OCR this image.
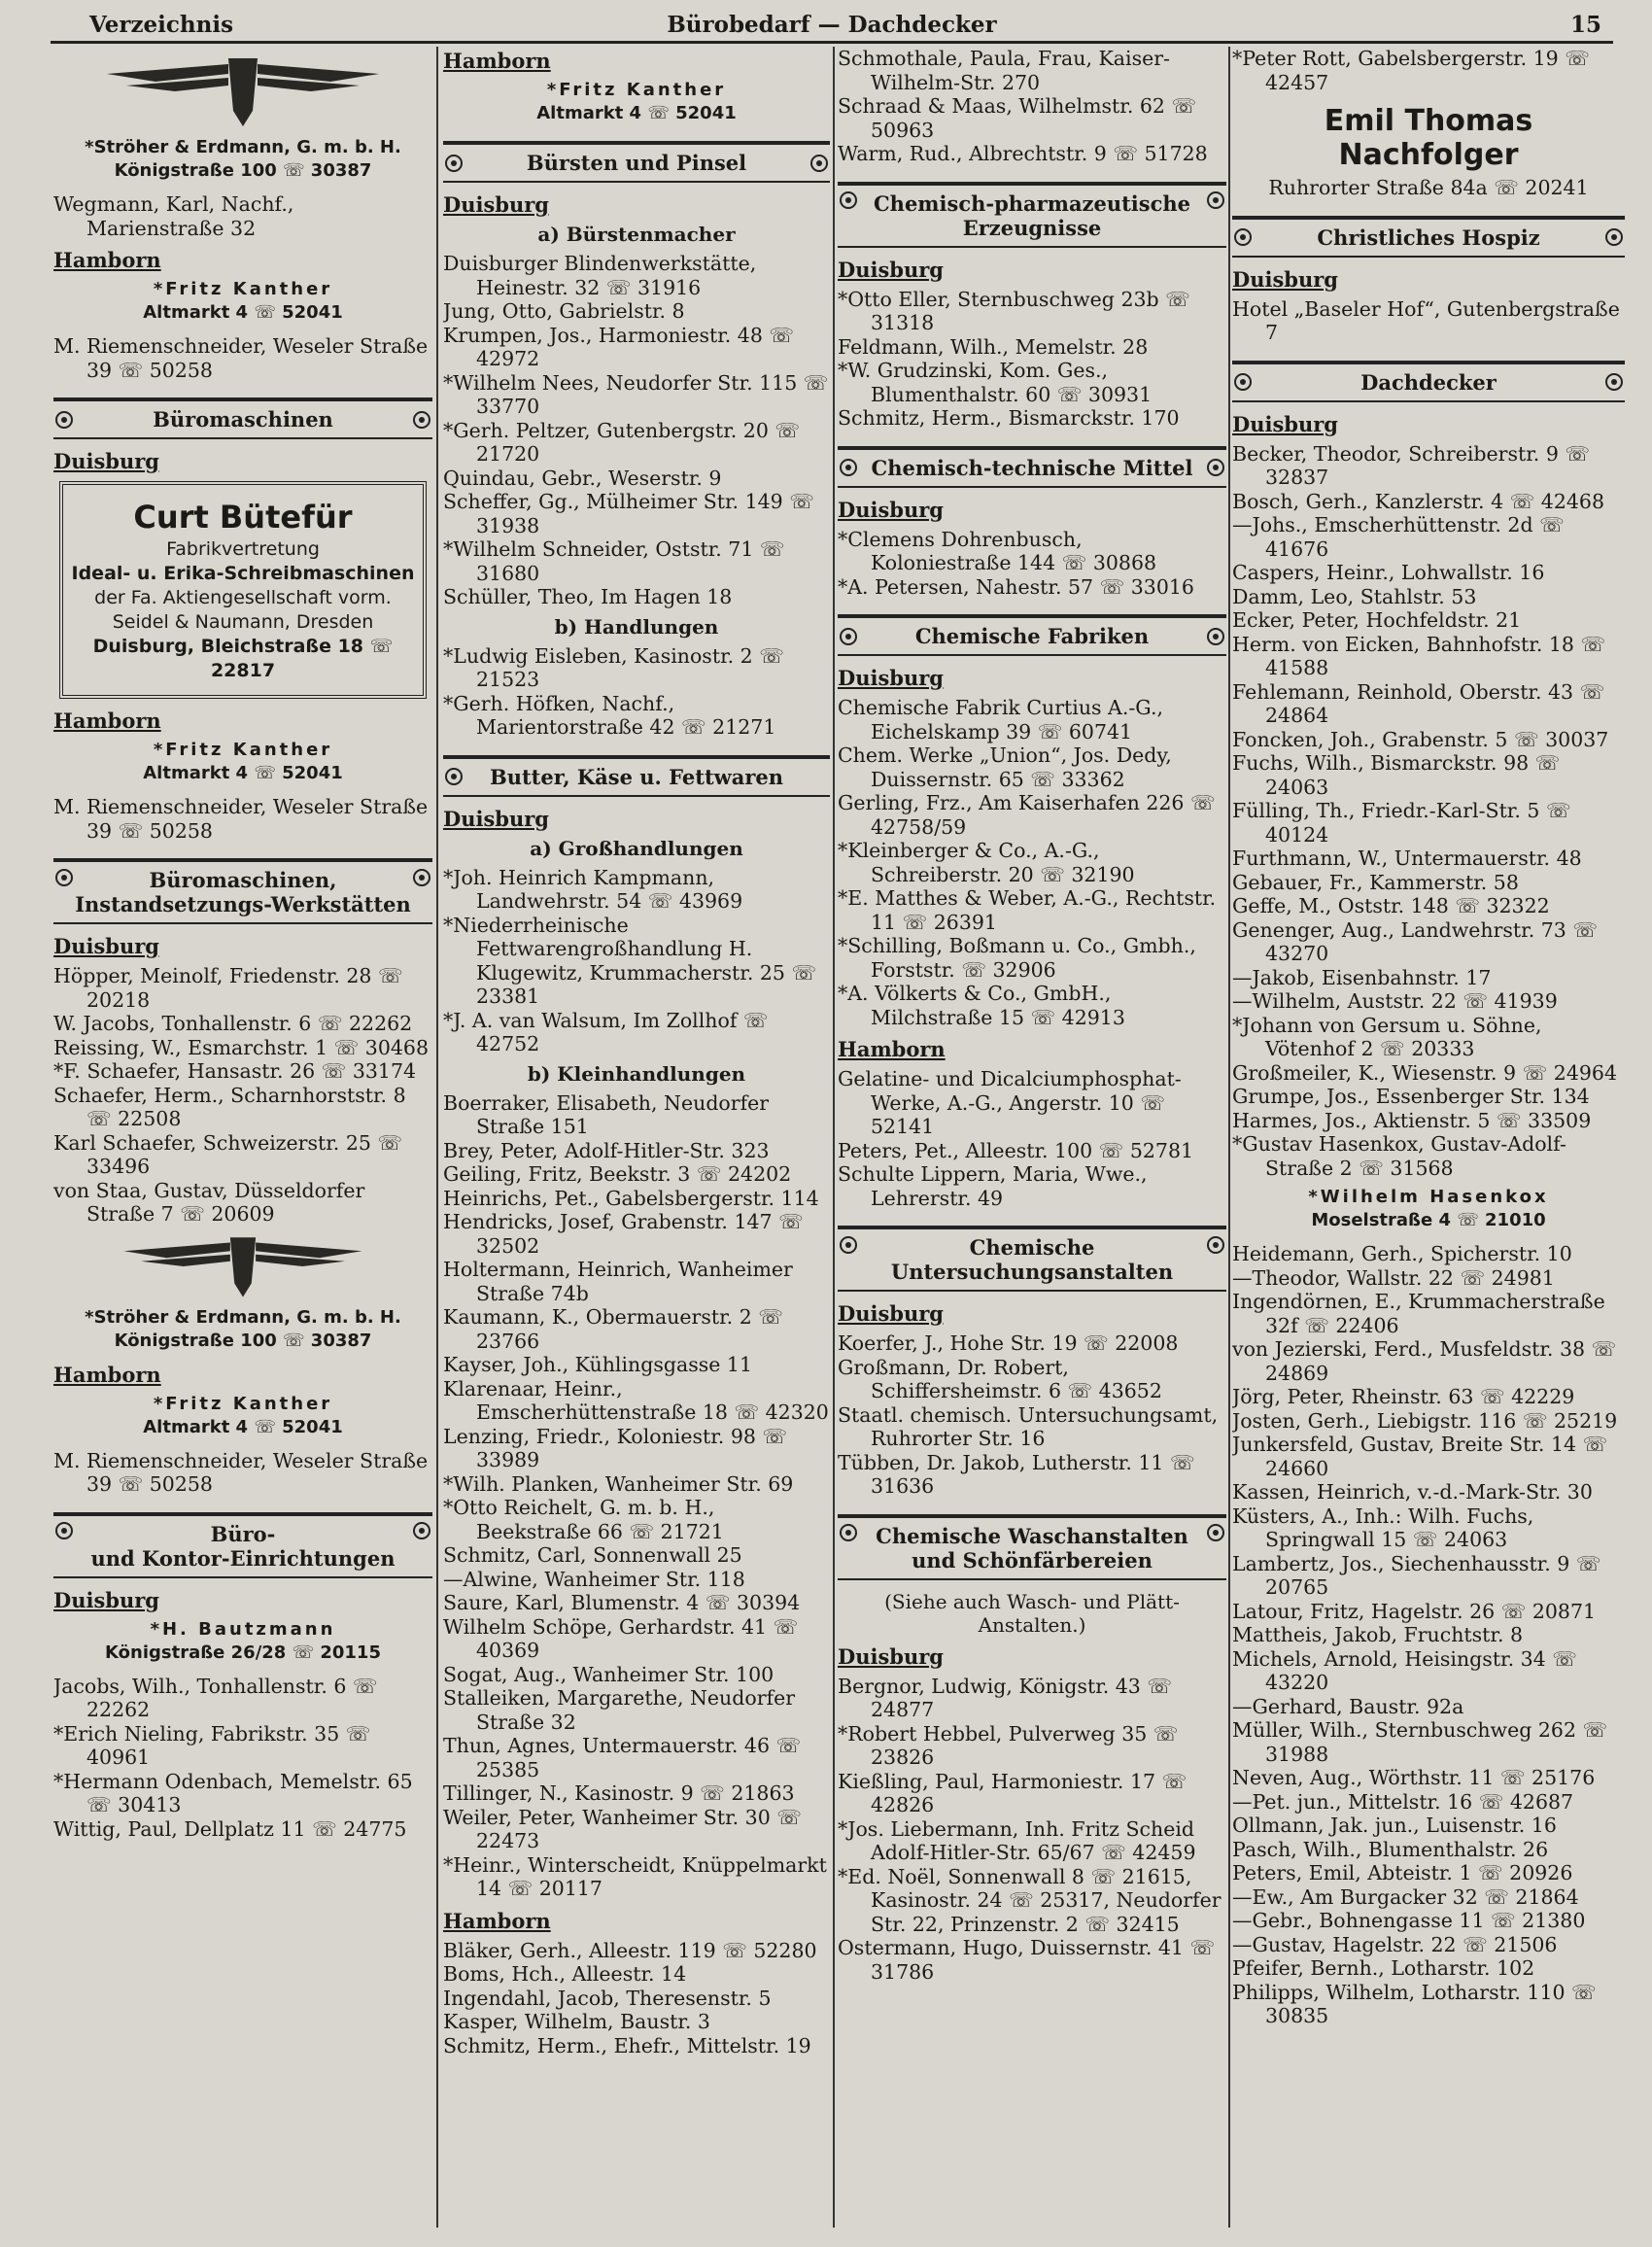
Verzeichnis	Bürobedarf — Dachdecker	15
*Ströher & Erdmann, G. m. b. H.
Königstraße 100 ☏ 30387

Wegmann, Karl, Nachf., Marienstraße 32

Hamborn
*Fritz Kanther
Altmarkt 4 ☏ 52041

M. Riemenschneider, Weseler Straße 39 ☏ 50258

Büromaschinen
Duisburg
Curt Bütefür
Fabrikvertretung
Ideal- u. Erika-Schreibmaschinen
der Fa. Aktiengesellschaft vorm.
Seidel & Naumann, Dresden
Duisburg, Bleichstraße 18 ☏ 22817
Hamborn
*Fritz Kanther
Altmarkt 4 ☏ 52041

M. Riemenschneider, Weseler Straße 39 ☏ 50258

Büromaschinen,
Instandsetzungs-Werkstätten
Duisburg

Höpper, Meinolf, Friedenstr. 28 ☏ 20218

W. Jacobs, Tonhallenstr. 6 ☏ 22262

Reissing, W., Esmarchstr. 1 ☏ 30468

*F. Schaefer, Hansastr. 26 ☏ 33174

Schaefer, Herm., Scharnhorststr. 8 ☏ 22508

Karl Schaefer, Schweizerstr. 25 ☏ 33496

von Staa, Gustav, Düsseldorfer Straße 7 ☏ 20609

*Ströher & Erdmann, G. m. b. H.
Königstraße 100 ☏ 30387
Hamborn
*Fritz Kanther
Altmarkt 4 ☏ 52041

M. Riemenschneider, Weseler Straße 39 ☏ 50258

Büro-
und Kontor-Einrichtungen
Duisburg
*H. Bautzmann
Königstraße 26/28 ☏ 20115

Jacobs, Wilh., Tonhallenstr. 6 ☏ 22262

*Erich Nieling, Fabrikstr. 35 ☏ 40961

*Hermann Odenbach, Memelstr. 65 ☏ 30413

Wittig, Paul, Dellplatz 11 ☏ 24775

Hamborn
*Fritz Kanther
Altmarkt 4 ☏ 52041
Bürsten und Pinsel
Duisburg
a) Bürstenmacher

Duisburger Blindenwerkstätte, Heinestr. 32 ☏ 31916

Jung, Otto, Gabrielstr. 8

Krumpen, Jos., Harmoniestr. 48 ☏ 42972

*Wilhelm Nees, Neudorfer Str. 115 ☏ 33770

*Gerh. Peltzer, Gutenbergstr. 20 ☏ 21720

Quindau, Gebr., Weserstr. 9

Scheffer, Gg., Mülheimer Str. 149 ☏ 31938

*Wilhelm Schneider, Oststr. 71 ☏ 31680

Schüller, Theo, Im Hagen 18

b) Handlungen

*Ludwig Eisleben, Kasinostr. 2 ☏ 21523

*Gerh. Höfken, Nachf., Marientorstraße 42 ☏ 21271

Butter, Käse u. Fettwaren
Duisburg
a) Großhandlungen

*Joh. Heinrich Kampmann, Landwehrstr. 54 ☏ 43969

*Niederrheinische Fettwarengroßhandlung H. Klugewitz, Krummacherstr. 25 ☏ 23381

*J. A. van Walsum, Im Zollhof ☏ 42752

b) Kleinhandlungen

Boerraker, Elisabeth, Neudorfer Straße 151

Brey, Peter, Adolf-Hitler-Str. 323

Geiling, Fritz, Beekstr. 3 ☏ 24202

Heinrichs, Pet., Gabelsbergerstr. 114

Hendricks, Josef, Grabenstr. 147 ☏ 32502

Holtermann, Heinrich, Wanheimer Straße 74b

Kaumann, K., Obermauerstr. 2 ☏ 23766

Kayser, Joh., Kühlingsgasse 11

Klarenaar, Heinr., Emscherhüttenstraße 18 ☏ 42320

Lenzing, Friedr., Koloniestr. 98 ☏ 33989

*Wilh. Planken, Wanheimer Str. 69

*Otto Reichelt, G. m. b. H., Beekstraße 66 ☏ 21721

Schmitz, Carl, Sonnenwall 25

—Alwine, Wanheimer Str. 118

Saure, Karl, Blumenstr. 4 ☏ 30394

Wilhelm Schöpe, Gerhardstr. 41 ☏ 40369

Sogat, Aug., Wanheimer Str. 100

Stalleiken, Margarethe, Neudorfer Straße 32

Thun, Agnes, Untermauerstr. 46 ☏ 25385

Tillinger, N., Kasinostr. 9 ☏ 21863

Weiler, Peter, Wanheimer Str. 30 ☏ 22473

*Heinr., Winterscheidt, Knüppelmarkt 14 ☏ 20117

Hamborn

Bläker, Gerh., Alleestr. 119 ☏ 52280

Boms, Hch., Alleestr. 14

Ingendahl, Jacob, Theresenstr. 5

Kasper, Wilhelm, Baustr. 3

Schmitz, Herm., Ehefr., Mittelstr. 19

Schmothale, Paula, Frau, Kaiser-Wilhelm-Str. 270

Schraad & Maas, Wilhelmstr. 62 ☏ 50963

Warm, Rud., Albrechtstr. 9 ☏ 51728

Chemisch-pharmazeutische
Erzeugnisse
Duisburg

*Otto Eller, Sternbuschweg 23b ☏ 31318

Feldmann, Wilh., Memelstr. 28

*W. Grudzinski, Kom. Ges., Blumenthalstr. 60 ☏ 30931

Schmitz, Herm., Bismarckstr. 170

Chemisch-technische Mittel
Duisburg

*Clemens Dohrenbusch, Koloniestraße 144 ☏ 30868

*A. Petersen, Nahestr. 57 ☏ 33016

Chemische Fabriken
Duisburg

Chemische Fabrik Curtius A.-G., Eichelskamp 39 ☏ 60741

Chem. Werke „Union“, Jos. Dedy, Duissernstr. 65 ☏ 33362

Gerling, Frz., Am Kaiserhafen 226 ☏ 42758/59

*Kleinberger & Co., A.-G., Schreiberstr. 20 ☏ 32190

*E. Matthes & Weber, A.-G., Rechtstr. 11 ☏ 26391

*Schilling, Boßmann u. Co., Gmbh., Forststr. ☏ 32906

*A. Völkerts & Co., GmbH., Milchstraße 15 ☏ 42913

Hamborn

Gelatine- und Dicalciumphosphat-Werke, A.-G., Angerstr. 10 ☏ 52141

Peters, Pet., Alleestr. 100 ☏ 52781

Schulte Lippern, Maria, Wwe., Lehrerstr. 49

Chemische
Untersuchungsanstalten
Duisburg

Koerfer, J., Hohe Str. 19 ☏ 22008

Großmann, Dr. Robert, Schiffersheimstr. 6 ☏ 43652

Staatl. chemisch. Untersuchungsamt, Ruhrorter Str. 16

Tübben, Dr. Jakob, Lutherstr. 11 ☏ 31636

Chemische Waschanstalten
und Schönfärbereien
(Siehe auch Wasch- und Plätt-Anstalten.)
Duisburg

Bergnor, Ludwig, Königstr. 43 ☏ 24877

*Robert Hebbel, Pulverweg 35 ☏ 23826

Kießling, Paul, Harmoniestr. 17 ☏ 42826

*Jos. Liebermann, Inh. Fritz Scheid Adolf-Hitler-Str. 65/67 ☏ 42459

*Ed. Noël, Sonnenwall 8 ☏ 21615, Kasinostr. 24 ☏ 25317, Neudorfer Str. 22, Prinzenstr. 2 ☏ 32415

Ostermann, Hugo, Duissernstr. 41 ☏ 31786

*Peter Rott, Gabelsbergerstr. 19 ☏ 42457

Emil Thomas Nachfolger

Ruhrorter Straße 84a ☏ 20241

Christliches Hospiz
Duisburg

Hotel „Baseler Hof“, Gutenbergstraße 7

Dachdecker
Duisburg

Becker, Theodor, Schreiberstr. 9 ☏ 32837

Bosch, Gerh., Kanzlerstr. 4 ☏ 42468

—Johs., Emscherhüttenstr. 2d ☏ 41676

Caspers, Heinr., Lohwallstr. 16

Damm, Leo, Stahlstr. 53

Ecker, Peter, Hochfeldstr. 21

Herm. von Eicken, Bahnhofstr. 18 ☏ 41588

Fehlemann, Reinhold, Oberstr. 43 ☏ 24864

Foncken, Joh., Grabenstr. 5 ☏ 30037

Fuchs, Wilh., Bismarckstr. 98 ☏ 24063

Fülling, Th., Friedr.-Karl-Str. 5 ☏ 40124

Furthmann, W., Untermauerstr. 48

Gebauer, Fr., Kammerstr. 58

Geffe, M., Oststr. 148 ☏ 32322

Genenger, Aug., Landwehrstr. 73 ☏ 43270

—Jakob, Eisenbahnstr. 17

—Wilhelm, Auststr. 22 ☏ 41939

*Johann von Gersum u. Söhne, Vötenhof 2 ☏ 20333

Großmeiler, K., Wiesenstr. 9 ☏ 24964

Grumpe, Jos., Essenberger Str. 134

Harmes, Jos., Aktienstr. 5 ☏ 33509

*Gustav Hasenkox, Gustav-Adolf-Straße 2 ☏ 31568

*Wilhelm Hasenkox
Moselstraße 4 ☏ 21010

Heidemann, Gerh., Spicherstr. 10

—Theodor, Wallstr. 22 ☏ 24981

Ingendörnen, E., Krummacherstraße 32f ☏ 22406

von Jezierski, Ferd., Musfeldstr. 38 ☏ 24869

Jörg, Peter, Rheinstr. 63 ☏ 42229

Josten, Gerh., Liebigstr. 116 ☏ 25219

Junkersfeld, Gustav, Breite Str. 14 ☏ 24660

Kassen, Heinrich, v.-d.-Mark-Str. 30

Küsters, A., Inh.: Wilh. Fuchs, Springwall 15 ☏ 24063

Lambertz, Jos., Siechenhausstr. 9 ☏ 20765

Latour, Fritz, Hagelstr. 26 ☏ 20871

Mattheis, Jakob, Fruchtstr. 8

Michels, Arnold, Heisingstr. 34 ☏ 43220

—Gerhard, Baustr. 92a

Müller, Wilh., Sternbuschweg 262 ☏ 31988

Neven, Aug., Wörthstr. 11 ☏ 25176

—Pet. jun., Mittelstr. 16 ☏ 42687

Ollmann, Jak. jun., Luisenstr. 16

Pasch, Wilh., Blumenthalstr. 26

Peters, Emil, Abteistr. 1 ☏ 20926

—Ew., Am Burgacker 32 ☏ 21864

—Gebr., Bohnengasse 11 ☏ 21380

—Gustav, Hagelstr. 22 ☏ 21506

Pfeifer, Bernh., Lotharstr. 102

Philipps, Wilhelm, Lotharstr. 110 ☏ 30835
